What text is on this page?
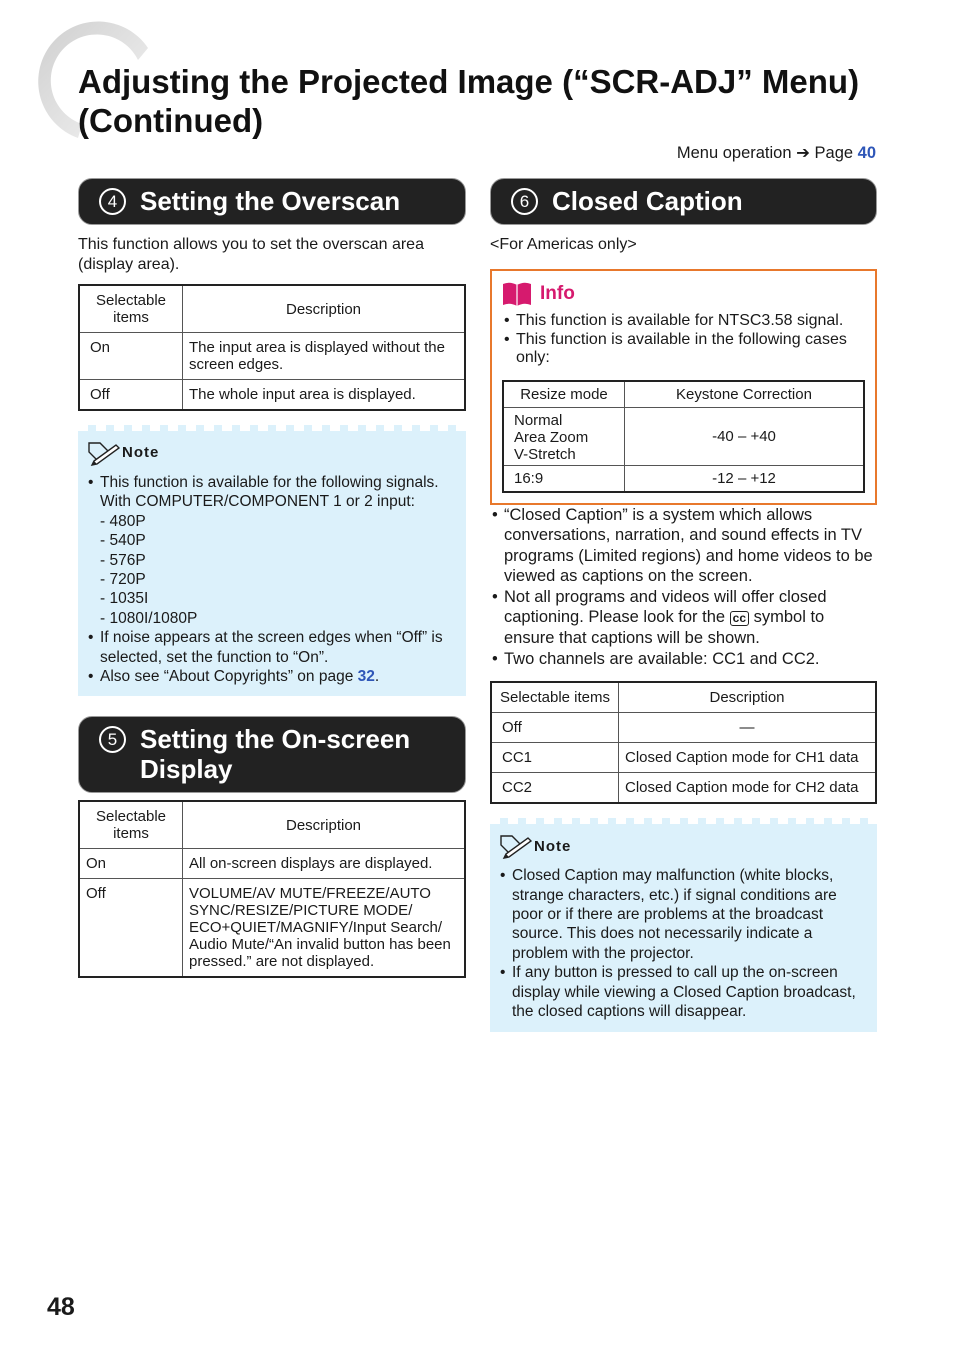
Adjusting the Projected Image (“SCR-ADJ” Menu)
(Continued)
Menu operation ➔ Page 40
4 Setting the Overscan

This function allows you to set the overscan area (display area).

Selectable items	Description
On	The input area is displayed without the screen edges.
Off	The whole input area is displayed.
Note
• This function is available for the following signals.
With COMPUTER/COMPONENT 1 or 2 input:
- 480P
- 540P
- 576P
- 720P
- 1035I
- 1080I/1080P
• If noise appears at the screen edges when “Off” is selected, set the function to “On”.
• Also see “About Copyrights” on page 32.
5 Setting the On-screen Display
Selectable items	Description
On	All on-screen displays are displayed.
Off	VOLUME/AV MUTE/FREEZE/AUTO SYNC/RESIZE/PICTURE MODE/ ECO+QUIET/MAGNIFY/Input Search/ Audio Mute/“An invalid button has been pressed.” are not displayed.
6 Closed Caption

<For Americas only>

Info
• This function is available for NTSC3.58 signal.
• This function is available in the following cases only:
Resize mode	Keystone Correction
Normal
Area Zoom
V-Stretch	-40 – +40
16:9	-12 – +12
• “Closed Caption” is a system which allows conversations, narration, and sound effects in TV programs (Limited regions) and home videos to be viewed as captions on the screen.
• Not all programs and videos will offer closed captioning. Please look for the cc symbol to ensure that captions will be shown.
• Two channels are available: CC1 and CC2.
Selectable items	Description
Off	—
CC1	Closed Caption mode for CH1 data
CC2	Closed Caption mode for CH2 data
Note
• Closed Caption may malfunction (white blocks, strange characters, etc.) if signal conditions are poor or if there are problems at the broadcast source. This does not necessarily indicate a problem with the projector.
• If any button is pressed to call up the on-screen display while viewing a Closed Caption broadcast, the closed captions will disappear.
48
